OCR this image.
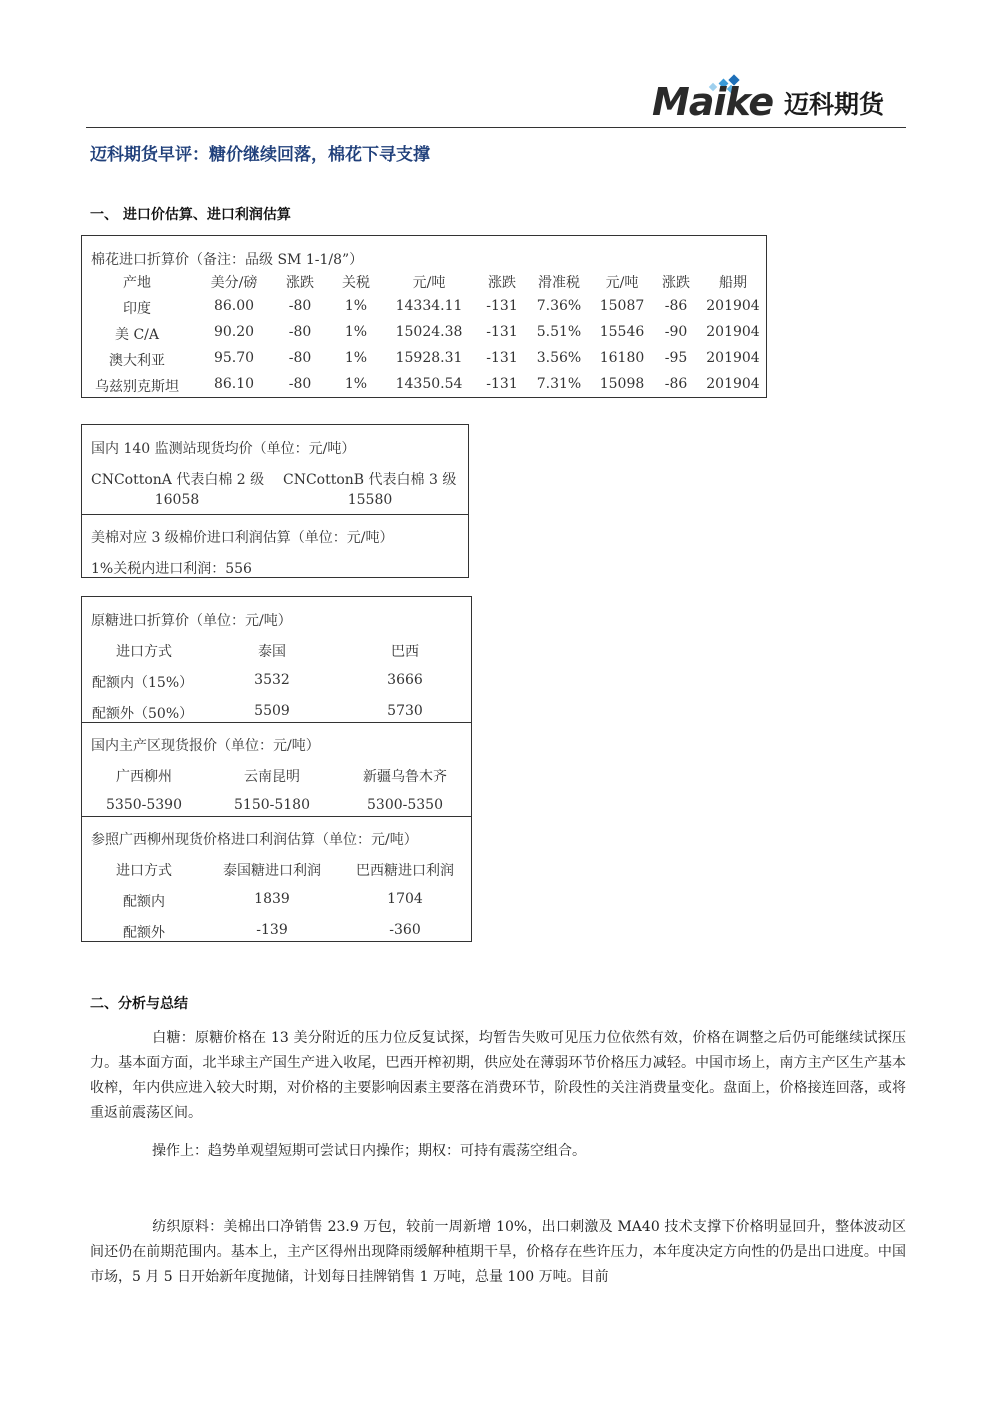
Maike 迈科期货
迈科期货早评：糖价继续回落，棉花下寻支撑
一、 进口价估算、进口利润估算
棉花进口折算价（备注：品级 SM 1-1/8”）
产地	美分/磅 涨跌 关税	元/吨	涨跌 滑准税 元/吨 涨跌 船期
印度	86.00 -80 1% 14334.11 -131 7.36% 15087 -86 201904
美 C/A	90.20 -80 1% 15024.38 -131 5.51% 15546 -90 201904
澳大利亚	95.70 -80 1% 15928.31 -131 3.56% 16180 -95 201904
乌兹别克斯坦 86.10 -80 1% 14350.54 -131 7.31% 15098 -86 201904
国内 140 监测站现货均价（单位：元/吨）
CNCottonA 代表白棉 2 级
16058
CNCottonB 代表白棉 3 级
15580
美棉对应 3 级棉价进口利润估算（单位：元/吨）
1%关税内进口利润：556
原糖进口折算价（单位：元/吨）
进口方式	泰国	巴西
配额内（15%）	3532	3666
配额外（50%）	5509	5730
国内主产区现货报价（单位：元/吨）
广西柳州	云南昆明	新疆乌鲁木齐
5350-5390	5150-5180	5300-5350
参照广西柳州现货价格进口利润估算（单位：元/吨）
进口方式	泰国糖进口利润	巴西糖进口利润
配额内	1839	1704
配额外	-139	-360
二、分析与总结
白糖：原糖价格在 13 美分附近的压力位反复试探，均暂告失败可见压力位依然有效，价格在调整之后仍可能继续试探压力。基本面方面，北半球主产国生产进入收尾，巴西开榨初期，供应处在薄弱环节价格压力减轻。中国市场上，南方主产区生产基本收榨，年内供应进入较大时期，对价格的主要影响因素主要落在消费环节，阶段性的关注消费量变化。盘面上，价格接连回落，或将重返前震荡区间。
操作上：趋势单观望短期可尝试日内操作；期权：可持有震荡空组合。
纺织原料：美棉出口净销售 23.9 万包，较前一周新增 10%，出口刺激及 MA40 技术支撑下价格明显回升，整体波动区间还仍在前期范围内。基本上，主产区得州出现降雨缓解种植期干旱，价格存在些许压力，本年度决定方向性的仍是出口进度。中国市场，5 月 5 日开始新年度抛储，计划每日挂牌销售 1 万吨，总量 100 万吨。目前
